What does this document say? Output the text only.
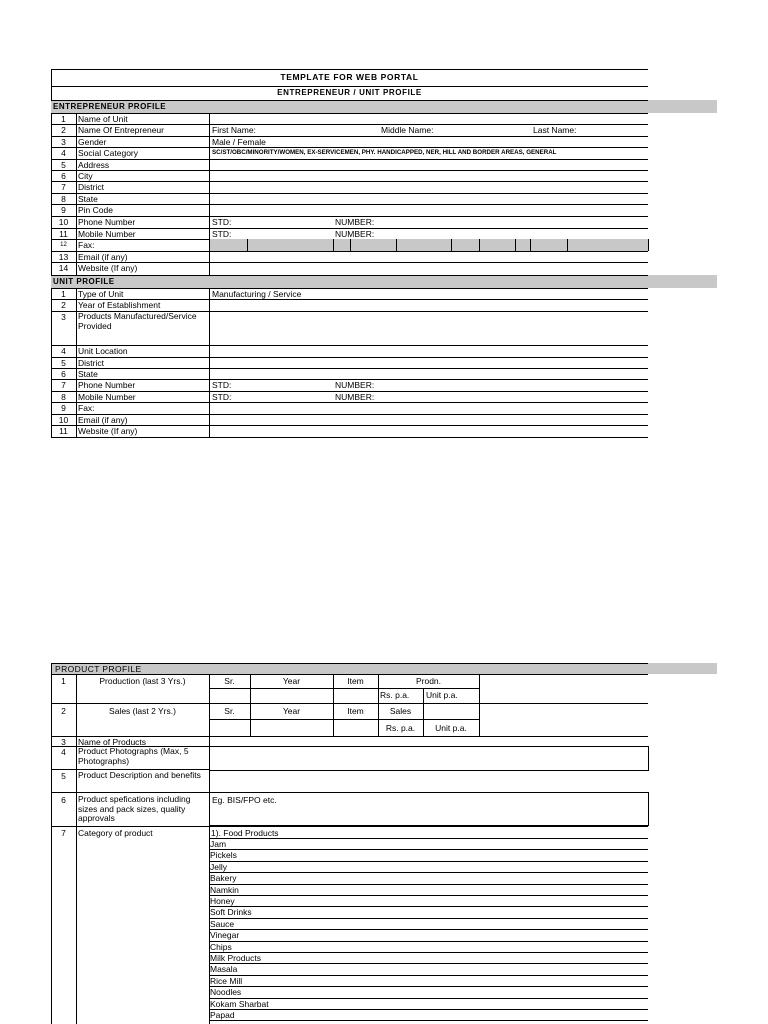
TEMPLATE FOR WEB PORTAL
ENTREPRENEUR / UNIT PROFILE
ENTREPRENEUR PROFILE
1	Name of Unit
2	Name Of Entrepreneur	First Name:	Middle Name:	Last Name:
3	Gender	Male / Female
4	Social Category	SC/ST/OBC/MINORITY/WOMEN, EX-SERVICEMEN, PHY. HANDICAPPED, NER, HILL AND BORDER AREAS, GENERAL
5	Address
6	City
7	District
8	State
9	Pin Code
10	Phone Number	STD:	NUMBER:
11	Mobile Number	STD:	NUMBER:
12	Fax:
13	Email (if any)
14	Website (If any)
UNIT PROFILE
1	Type of Unit	Manufacturing / Service
2	Year of Establishment
3	Products Manufactured/Service Provided
4	Unit Location
5	District
6	State
7	Phone Number	STD:	NUMBER:
8	Mobile Number	STD:	NUMBER:
9	Fax:
10	Email (if any)
11	Website (If any)
PRODUCT PROFILE
1	Production (last 3 Yrs.)	Sr.	Year	Item	Prodn.
Rs. p.a. Unit p.a.
2	Sales (last 2 Yrs.)	Sr.	Year	Item	Sales
Rs. p.a.	Unit p.a.
3	Name of Products
4	Product Photographs (Max, 5 Photographs)
5	Product Description and benefits
6	Product spefications including sizes and pack sizes, quality approvals
Eg. BIS/FPO etc.
7	Category of product	1). Food Products
Jam
Pickels
Jelly
Bakery
Namkin
Honey
Soft Drinks
Sauce
Vinegar
Chips
Milk Products
Masala
Rice Mill
Noodles
Kokam Sharbat
Papad
